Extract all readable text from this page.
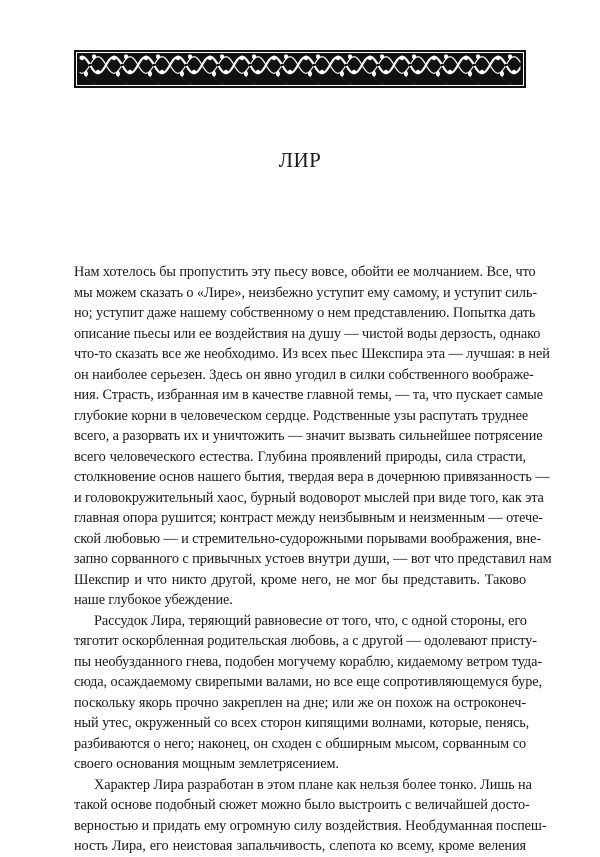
ЛИР
Нам хотелось бы пропустить эту пьесу вовсе, обойти ее молчанием. Все, что
мы можем сказать о «Лире», неизбежно уступит ему самому, и уступит силь-
но; уступит даже нашему собственному о нем представлению. Попытка дать
описание пьесы или ее воздействия на душу — чистой воды дерзость, однако
что-то сказать все же необходимо. Из всех пьес Шекспира эта — лучшая: в ней
он наиболее серьезен. Здесь он явно угодил в силки собственного воображе-
ния. Страсть, избранная им в качестве главной темы, — та, что пускает самые
глубокие корни в человеческом сердце. Родственные узы распутать труднее
всего, а разорвать их и уничтожить — значит вызвать сильнейшее потрясение
всего человеческого естества. Глубина проявлений природы, сила страсти,
столкновение основ нашего бытия, твердая вера в дочернюю привязанность —
и головокружительный хаос, бурный водоворот мыслей при виде того, как эта
главная опора рушится; контраст между неизбывным и неизменным — отече-
ской любовью — и стремительно-судорожными порывами воображения, вне-
запно сорванного с привычных устоев внутри души, — вот что представил нам
Шекспир и что никто другой, кроме него, не мог бы представить. Таково
наше глубокое убеждение.
Рассудок Лира, теряющий равновесие от того, что, с одной стороны, его
тяготит оскорбленная родительская любовь, а с другой — одолевают присту-
пы необузданного гнева, подобен могучему кораблю, кидаемому ветром туда-
сюда, осаждаемому свирепыми валами, но все еще сопротивляющемуся буре,
поскольку якорь прочно закреплен на дне; или же он похож на остроконеч-
ный утес, окруженный со всех сторон кипящими волнами, которые, пенясь,
разбиваются о него; наконец, он сходен с обширным мысом, сорванным со
своего основания мощным землетрясением.
Характер Лира разработан в этом плане как нельзя более тонко. Лишь на
такой основе подобный сюжет можно было выстроить с величайшей досто-
верностью и придать ему огромную силу воздействия. Необдуманная поспеш-
ность Лира, его неистовая запальчивость, слепота ко всему, кроме веления
